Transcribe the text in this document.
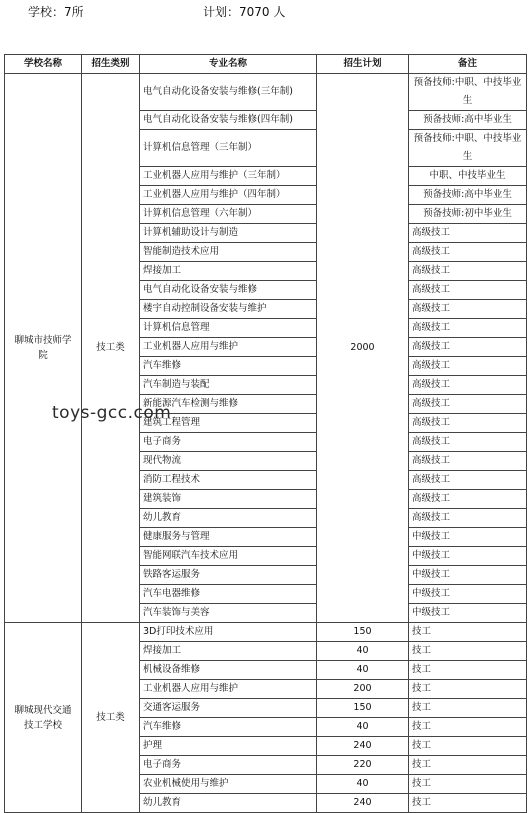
学校：7所	计划：7070 人
学校名称	招生类别	专业名称	招生计划	备注
聊城市技师学院	技工类	电气自动化设备安装与维修(三年制)	2000	预备技师:中职、中技毕业生
		电气自动化设备安装与维修(四年制)		预备技师:高中毕业生
		计算机信息管理（三年制）		预备技师:中职、中技毕业生
		工业机器人应用与维护（三年制）		中职、中技毕业生
		工业机器人应用与维护（四年制）		预备技师:高中毕业生
		计算机信息管理（六年制）		预备技师:初中毕业生
		计算机辅助设计与制造		高级技工
		智能制造技术应用		高级技工
		焊接加工		高级技工
		电气自动化设备安装与维修		高级技工
		楼宇自动控制设备安装与维护		高级技工
		计算机信息管理		高级技工
		工业机器人应用与维护		高级技工
		汽车维修		高级技工
		汽车制造与装配		高级技工
		新能源汽车检测与维修		高级技工
		建筑工程管理		高级技工
		电子商务		高级技工
		现代物流		高级技工
		消防工程技术		高级技工
		建筑装饰		高级技工
		幼儿教育		高级技工
		健康服务与管理		中级技工
		智能网联汽车技术应用		中级技工
		铁路客运服务		中级技工
		汽车电器维修		中级技工
		汽车装饰与美容		中级技工
聊城现代交通技工学校	技工类	3D打印技术应用	150	技工
		焊接加工	40	技工
		机械设备维修	40	技工
		工业机器人应用与维护	200	技工
		交通客运服务	150	技工
		汽车维修	40	技工
		护理	240	技工
		电子商务	220	技工
		农业机械使用与维护	40	技工
		幼儿教育	240	技工
toys-gcc.com
